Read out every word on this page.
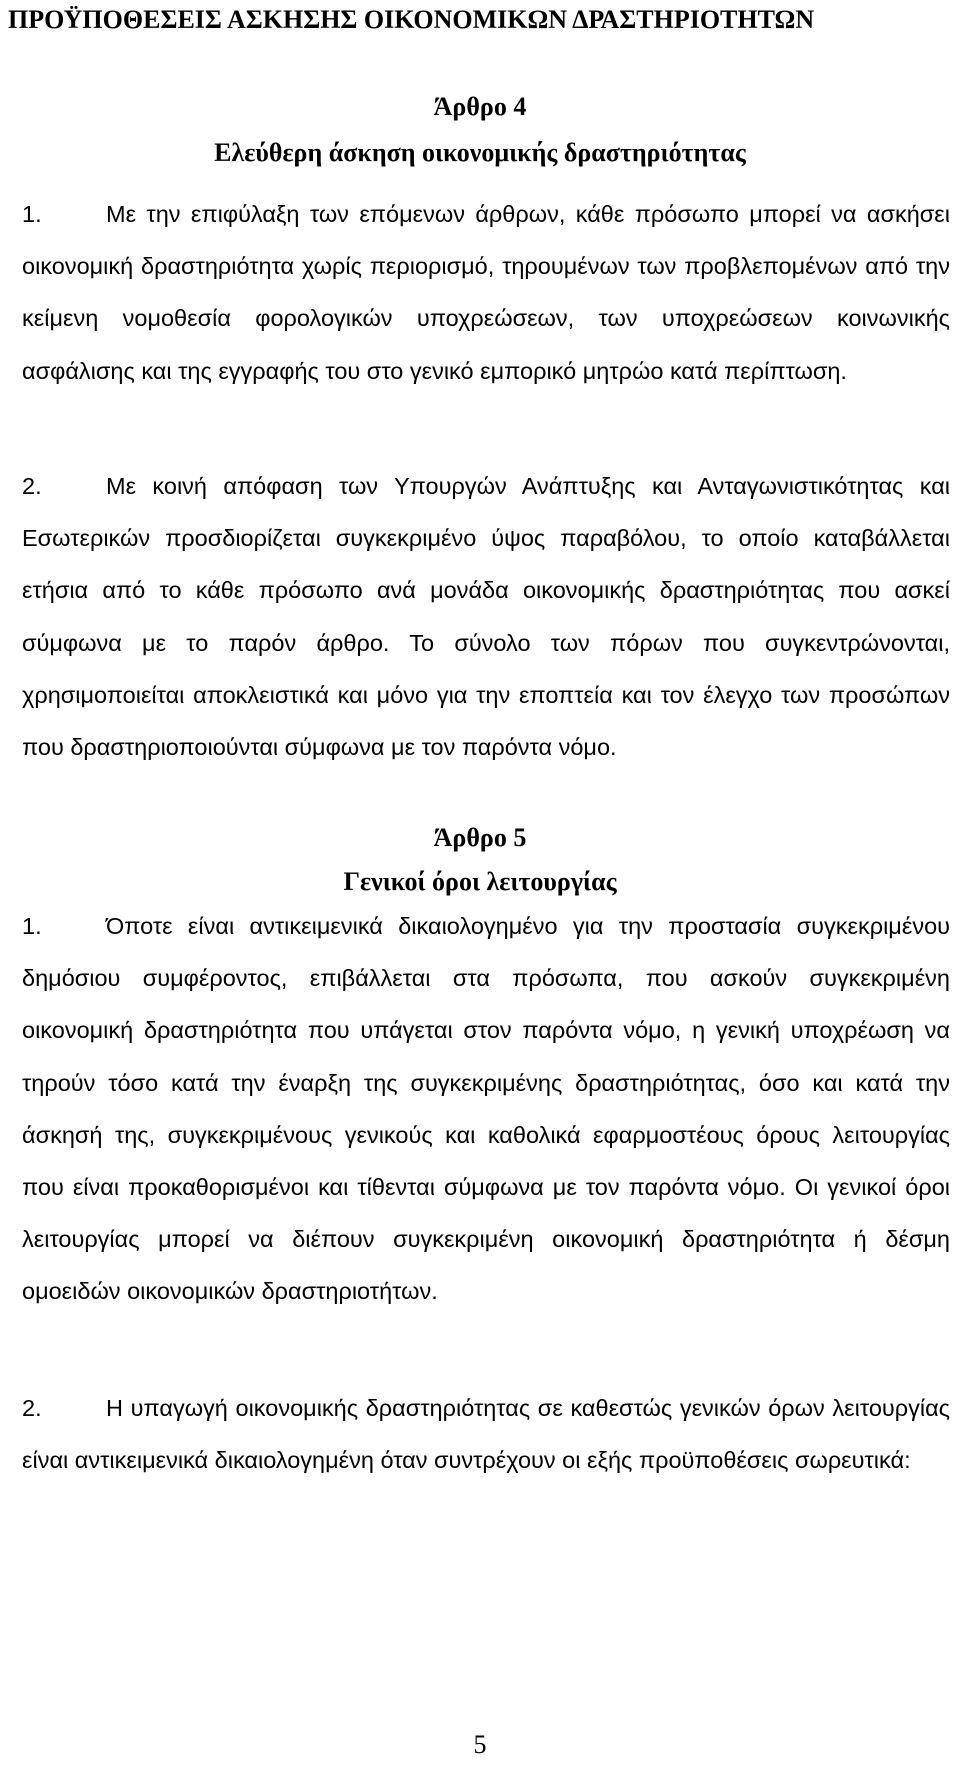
ΠΡΟΫΠΟΘΕΣΕΙΣ ΑΣΚΗΣΗΣ ΟΙΚΟΝΟΜΙΚΩΝ ΔΡΑΣΤΗΡΙΟΤΗΤΩΝ
Άρθρο 4
Ελεύθερη άσκηση οικονομικής δραστηριότητας

1.	Με την επιφύλαξη των επόμενων άρθρων, κάθε πρόσωπο μπορεί να ασκήσει οικονομική δραστηριότητα χωρίς περιορισμό, τηρουμένων των προβλεπομένων από την κείμενη νομοθεσία φορολογικών υποχρεώσεων, των υποχρεώσεων κοινωνικής ασφάλισης και της εγγραφής του στο γενικό εμπορικό μητρώο κατά περίπτωση.

2.	Με κοινή απόφαση των Υπουργών Ανάπτυξης και Ανταγωνιστικότητας και Εσωτερικών προσδιορίζεται συγκεκριμένο ύψος παραβόλου, το οποίο καταβάλλεται ετήσια από το κάθε πρόσωπο ανά μονάδα οικονομικής δραστηριότητας που ασκεί σύμφωνα με το παρόν άρθρο. Το σύνολο των πόρων που συγκεντρώνονται, χρησιμοποιείται αποκλειστικά και μόνο για την εποπτεία και τον έλεγχο των προσώπων που δραστηριοποιούνται σύμφωνα με τον παρόντα νόμο.

Άρθρο 5
Γενικοί όροι λειτουργίας

1.	Όποτε είναι αντικειμενικά δικαιολογημένο για την προστασία συγκεκριμένου δημόσιου συμφέροντος, επιβάλλεται στα πρόσωπα, που ασκούν συγκεκριμένη οικονομική δραστηριότητα που υπάγεται στον παρόντα νόμο, η γενική υποχρέωση να τηρούν τόσο κατά την έναρξη της συγκεκριμένης δραστηριότητας, όσο και κατά την άσκησή της, συγκεκριμένους γενικούς και καθολικά εφαρμοστέους όρους λειτουργίας που είναι προκαθορισμένοι και τίθενται σύμφωνα με τον παρόντα νόμο. Οι γενικοί όροι λειτουργίας μπορεί να διέπουν συγκεκριμένη οικονομική δραστηριότητα ή δέσμη ομοειδών οικονομικών δραστηριοτήτων.

2.	Η υπαγωγή οικονομικής δραστηριότητας σε καθεστώς γενικών όρων λειτουργίας είναι αντικειμενικά δικαιολογημένη όταν συντρέχουν οι εξής προϋποθέσεις σωρευτικά:

5
